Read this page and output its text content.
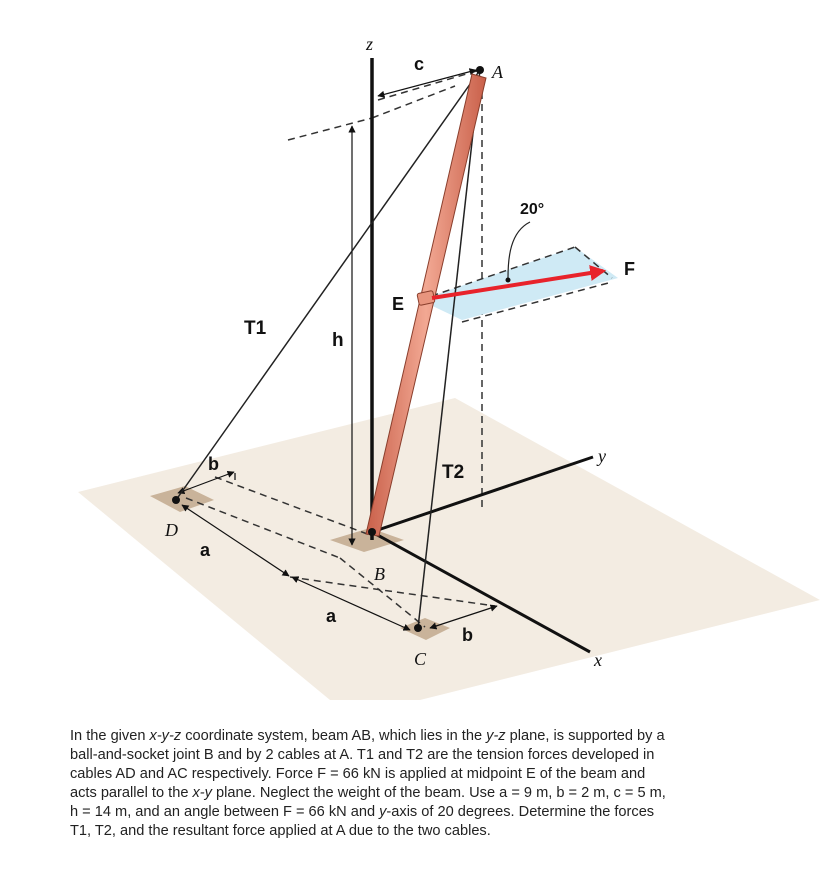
z
y
x
A
B
C
D
E
F
T1
T2
c
h
a
a
b
b
20°

In the given x-y-z coordinate system, beam AB, which lies in the y-z plane, is supported by a ball-and-socket joint B and by 2 cables at A. T1 and T2 are the tension forces developed in cables AD and AC respectively. Force F = 66 kN is applied at midpoint E of the beam and acts parallel to the x-y plane. Neglect the weight of the beam. Use a = 9 m, b = 2 m, c = 5 m, h = 14 m, and an angle between F = 66 kN and y-axis of 20 degrees. Determine the forces T1, T2, and the resultant force applied at A due to the two cables.
